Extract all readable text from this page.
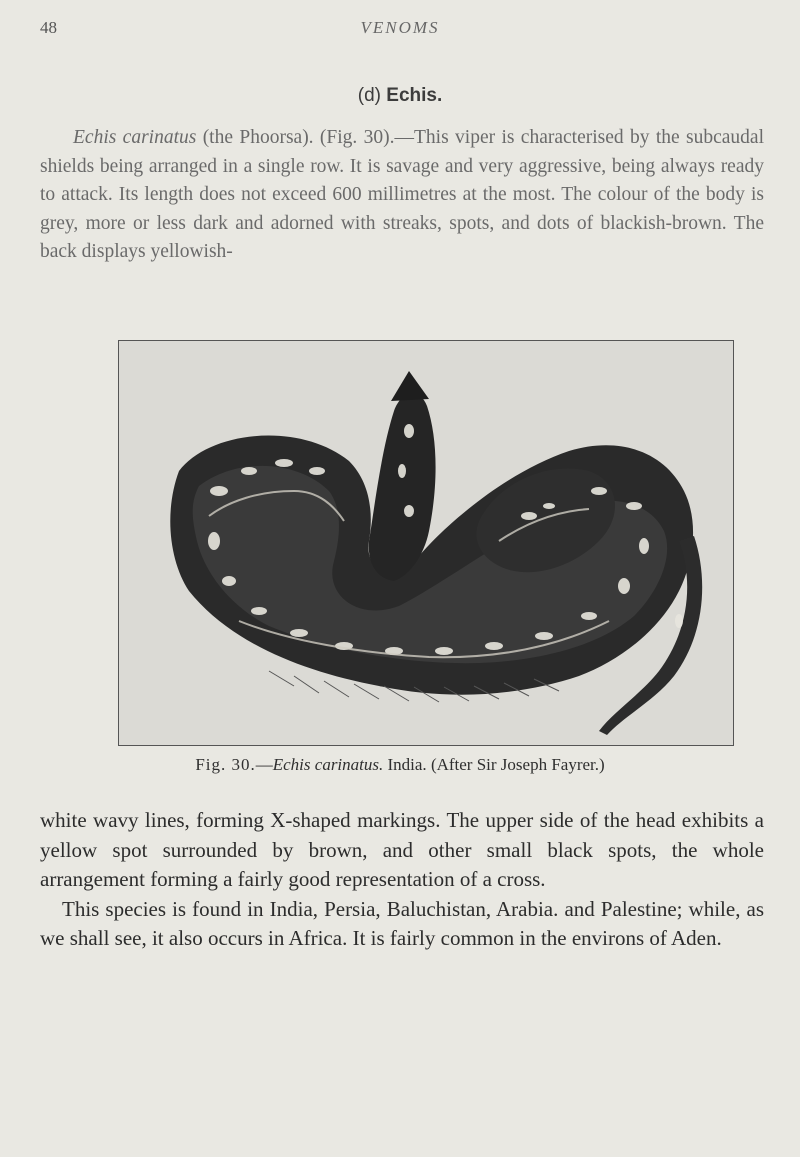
48	VENOMS
(d) Echis.

Echis carinatus (the Phoorsa). (Fig. 30).—This viper is characterised by the subcaudal shields being arranged in a single row. It is savage and very aggressive, being always ready to attack. Its length does not exceed 600 millimetres at the most. The colour of the body is grey, more or less dark and adorned with streaks, spots, and dots of blackish-brown. The back displays yellowish-

Fig. 30.—Echis carinatus. India. (After Sir Joseph Fayrer.)

white wavy lines, forming X-shaped markings. The upper side of the head exhibits a yellow spot surrounded by brown, and other small black spots, the whole arrangement forming a fairly good representation of a cross.

This species is found in India, Persia, Baluchistan, Arabia. and Palestine; while, as we shall see, it also occurs in Africa. It is fairly common in the environs of Aden.
